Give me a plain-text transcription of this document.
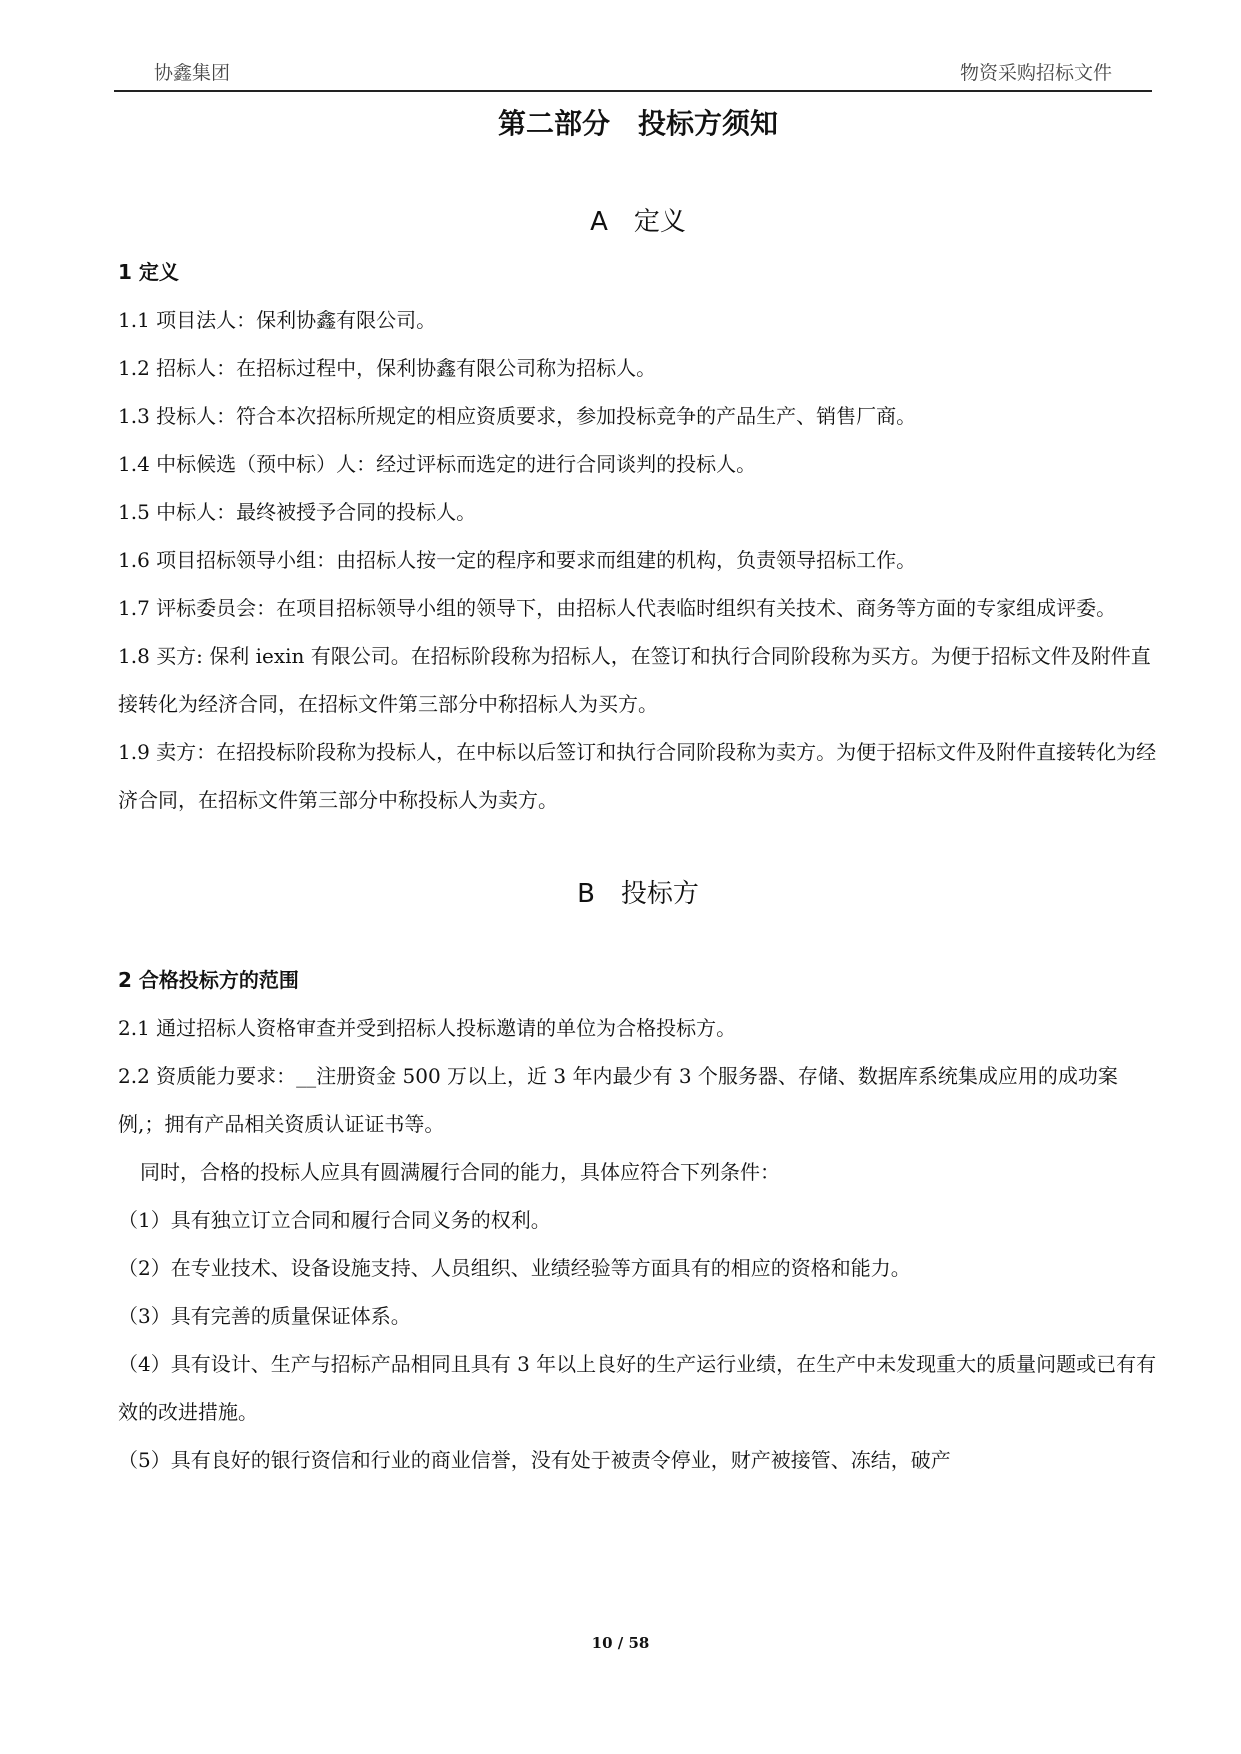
协鑫集团	物资采购招标文件
第二部分　投标方须知
A 定义
1 定义

1.1 项目法人：保利协鑫有限公司。

1.2 招标人：在招标过程中，保利协鑫有限公司称为招标人。

1.3 投标人：符合本次招标所规定的相应资质要求，参加投标竞争的产品生产、销售厂商。

1.4 中标候选（预中标）人：经过评标而选定的进行合同谈判的投标人。

1.5 中标人：最终被授予合同的投标人。

1.6 项目招标领导小组：由招标人按一定的程序和要求而组建的机构，负责领导招标工作。

1.7 评标委员会：在项目招标领导小组的领导下，由招标人代表临时组织有关技术、商务等方面的专家组成评委。

1.8 买方: 保利 iexin 有限公司。在招标阶段称为招标人，在签订和执行合同阶段称为买方。为便于招标文件及附件直接转化为经济合同，在招标文件第三部分中称招标人为买方。

1.9 卖方：在招投标阶段称为投标人，在中标以后签订和执行合同阶段称为卖方。为便于招标文件及附件直接转化为经济合同，在招标文件第三部分中称投标人为卖方。

B 投标方
2 合格投标方的范围

2.1 通过招标人资格审查并受到招标人投标邀请的单位为合格投标方。

2.2 资质能力要求：__注册资金 500 万以上，近 3 年内最少有 3 个服务器、存储、数据库系统集成应用的成功案例,；拥有产品相关资质认证证书等。

同时，合格的投标人应具有圆满履行合同的能力，具体应符合下列条件：

（1）具有独立订立合同和履行合同义务的权利。

（2）在专业技术、设备设施支持、人员组织、业绩经验等方面具有的相应的资格和能力。

（3）具有完善的质量保证体系。

（4）具有设计、生产与招标产品相同且具有 3 年以上良好的生产运行业绩，在生产中未发现重大的质量问题或已有有效的改进措施。

（5）具有良好的银行资信和行业的商业信誉，没有处于被责令停业，财产被接管、冻结，破产

10 / 58
